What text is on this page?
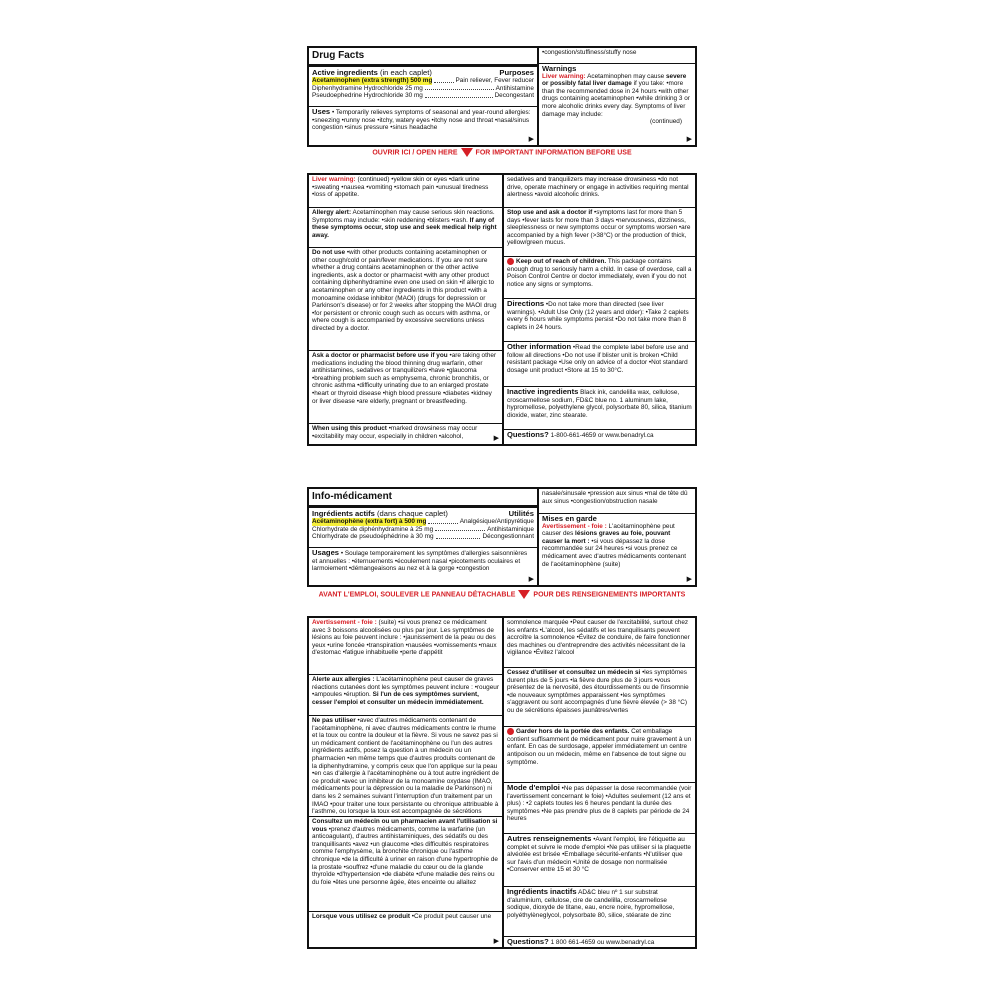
Drug Facts
Active ingredients (in each caplet)	Purposes
Acetaminophen (extra strength) 500 mg	Pain reliever, Fever reducer
Diphenhydramine Hydrochloride 25 mg	Antihistamine
Pseudoephedrine Hydrochloride 30 mg	Decongestant
Uses • Temporarily relieves symptoms of seasonal and year-round allergies: •sneezing •runny nose •itchy, watery eyes •itchy nose and throat •nasal/sinus congestion •sinus pressure •sinus headache
▶
•congestion/stuffiness/stuffy nose
Warnings
Liver warning: Acetaminophen may cause severe or possibly fatal liver damage if you take: •more than the recommended dose in 24 hours •with other drugs containing acetaminophen •while drinking 3 or more alcoholic drinks every day. Symptoms of liver damage may include:
(continued)
▶
OUVRIR ICI / OPEN HERE	FOR IMPORTANT INFORMATION BEFORE USE
Liver warning: (continued) •yellow skin or eyes •dark urine •sweating •nausea •vomiting •stomach pain •unusual tiredness •loss of appetite.
Allergy alert: Acetaminophen may cause serious skin reactions. Symptoms may include: •skin reddening •blisters •rash. If any of these symptoms occur, stop use and seek medical help right away.
Do not use •with other products containing acetaminophen or other cough/cold or pain/fever medications. If you are not sure whether a drug contains acetaminophen or the other active ingredients, ask a doctor or pharmacist •with any other product containing diphenhydramine even one used on skin •if allergic to acetaminophen or any other ingredients in this product •with a monoamine oxidase inhibitor (MAOI) (drugs for depression or Parkinson's disease) or for 2 weeks after stopping the MAOI drug •for persistent or chronic cough such as occurs with asthma, or where cough is accompanied by excessive secretions unless directed by a doctor.
Ask a doctor or pharmacist before use if you •are taking other medications including the blood thinning drug warfarin, other antihistamines, sedatives or tranquilizers •have •glaucoma •breathing problem such as emphysema, chronic bronchitis, or chronic asthma •difficulty urinating due to an enlarged prostate •heart or thyroid disease •high blood pressure •diabetes •kidney or liver disease •are elderly, pregnant or breastfeeding.
When using this product •marked drowsiness may occur •excitability may occur, especially in children •alcohol,	▶
sedatives and tranquilizers may increase drowsiness •do not drive, operate machinery or engage in activities requiring mental alertness •avoid alcoholic drinks.
Stop use and ask a doctor if •symptoms last for more than 5 days •fever lasts for more than 3 days •nervousness, dizziness, sleeplessness or new symptoms occur or symptoms worsen •are accompanied by a high fever (>38°C) or the production of thick, yellow/green mucus.
Keep out of reach of children. This package contains enough drug to seriously harm a child. In case of overdose, call a Poison Control Centre or doctor immediately, even if you do not notice any signs or symptoms.
Directions •Do not take more than directed (see liver warnings). •Adult Use Only (12 years and older): •Take 2 caplets every 6 hours while symptoms persist •Do not take more than 8 caplets in 24 hours.
Other information •Read the complete label before use and follow all directions •Do not use if blister unit is broken •Child resistant package •Use only on advice of a doctor •Not standard dosage unit product •Store at 15 to 30°C.
Inactive ingredients Black ink, candelilla wax, cellulose, croscarmellose sodium, FD&C blue no. 1 aluminum lake, hypromellose, polyethylene glycol, polysorbate 80, silica, titanium dioxide, water, zinc stearate.
Questions? 1-800-661-4659 or www.benadryl.ca
Info-médicament
Ingrédients actifs (dans chaque caplet)	Utilités
Acétaminophène (extra fort) à 500 mg	Analgésique/Antipyrétique
Chlorhydrate de diphénhydramine à 25 mg	Antihistaminique
Chlorhydrate de pseudoéphédrine à 30 mg	Décongestionnant
Usages • Soulage temporairement les symptômes d'allergies saisonnières et annuelles : •éternuements •écoulement nasal •picotements oculaires et larmoiement •démangeaisons au nez et à la gorge •congestion
▶
nasale/sinusale •pression aux sinus •mal de tête dû aux sinus •congestion/obstruction nasale
Mises en garde
Avertissement - foie : L'acétaminophène peut causer des lésions graves au foie, pouvant causer la mort : •si vous dépassez la dose recommandée sur 24 heures •si vous prenez ce médicament avec d'autres médicaments contenant de l'acétaminophène (suite)
▶
AVANT L'EMPLOI, SOULEVER LE PANNEAU DÉTACHABLE	POUR DES RENSEIGNEMENTS IMPORTANTS
Avertissement - foie : (suite) •si vous prenez ce médicament avec 3 boissons alcoolisées ou plus par jour. Les symptômes de lésions au foie peuvent inclure : •jaunissement de la peau ou des yeux •urine foncée •transpiration •nausées •vomissements •maux d'estomac •fatigue inhabituelle •perte d'appétit
Alerte aux allergies : L'acétaminophène peut causer de graves réactions cutanées dont les symptômes peuvent inclure : •rougeur •ampoules •éruption. Si l'un de ces symptômes survient, cesser l'emploi et consulter un médecin immédiatement.
Ne pas utiliser •avec d'autres médicaments contenant de l'acétaminophène, ni avec d'autres médicaments contre le rhume et la toux ou contre la douleur et la fièvre. Si vous ne savez pas si un médicament contient de l'acétaminophène ou l'un des autres ingrédients actifs, posez la question à un médecin ou un pharmacien •en même temps que d'autres produits contenant de la diphenhydramine, y compris ceux que l'on applique sur la peau •en cas d'allergie à l'acétaminophène ou à tout autre ingrédient de ce produit •avec un inhibiteur de la monoamine oxydase (IMAO, médicaments pour la dépression ou la maladie de Parkinson) ni dans les 2 semaines suivant l'interruption d'un traitement par un IMAO •pour traiter une toux persistante ou chronique attribuable à l'asthme, ou lorsque la toux est accompagnée de sécrétions
Consultez un médecin ou un pharmacien avant l'utilisation si vous •prenez d'autres médicaments, comme la warfarine (un anticoagulant), d'autres antihistaminiques, des sédatifs ou des tranquillisants •avez •un glaucome •des difficultés respiratoires comme l'emphysème, la bronchite chronique ou l'asthme chronique •de la difficulté à uriner en raison d'une hypertrophie de la prostate •souffrez •d'une maladie du cœur ou de la glande thyroïde •d'hypertension •de diabète •d'une maladie des reins ou du foie •êtes une personne âgée, êtes enceinte ou allaitez
Lorsque vous utilisez ce produit •Ce produit peut causer une
▶
somnolence marquée •Peut causer de l'excitabilité, surtout chez les enfants •L'alcool, les sédatifs et les tranquilisants peuvent accroître la somnolence •Évitez de conduire, de faire fonctionner des machines ou d'entreprendre des activités nécessitant de la vigilance •Évitez l'alcool
Cessez d'utiliser et consultez un médecin si •les symptômes durent plus de 5 jours •la fièvre dure plus de 3 jours •vous présentez de la nervosité, des étourdissements ou de l'insomnie •de nouveaux symptômes apparaissent •les symptômes s'aggravent ou sont accompagnés d'une fièvre élevée (> 38 °C) ou de sécrétions épaisses jaunâtres/vertes
Garder hors de la portée des enfants. Cet emballage contient suffisamment de médicament pour nuire gravement à un enfant. En cas de surdosage, appeler immédiatement un centre antipoison ou un médecin, même en l'absence de tout signe ou symptôme.
Mode d'emploi •Ne pas dépasser la dose recommandée (voir l'avertissement concernant le foie) •Adultes seulement (12 ans et plus) : •2 caplets toutes les 6 heures pendant la durée des symptômes •Ne pas prendre plus de 8 caplets par période de 24 heures
Autres renseignements •Avant l'emploi, lire l'étiquette au complet et suivre le mode d'emploi •Ne pas utiliser si la plaquette alvéolée est brisée •Emballage sécurité-enfants •N'utiliser que sur l'avis d'un médecin •Unité de dosage non normalisée •Conserver entre 15 et 30 °C
Ingrédients inactifs AD&C bleu nº 1 sur substrat d'aluminium, cellulose, cire de candelilla, croscarmellose sodique, dioxyde de titane, eau, encre noire, hypromellose, polyéthylèneglycol, polysorbate 80, silice, stéarate de zinc
Questions? 1 800 661-4659 ou www.benadryl.ca
